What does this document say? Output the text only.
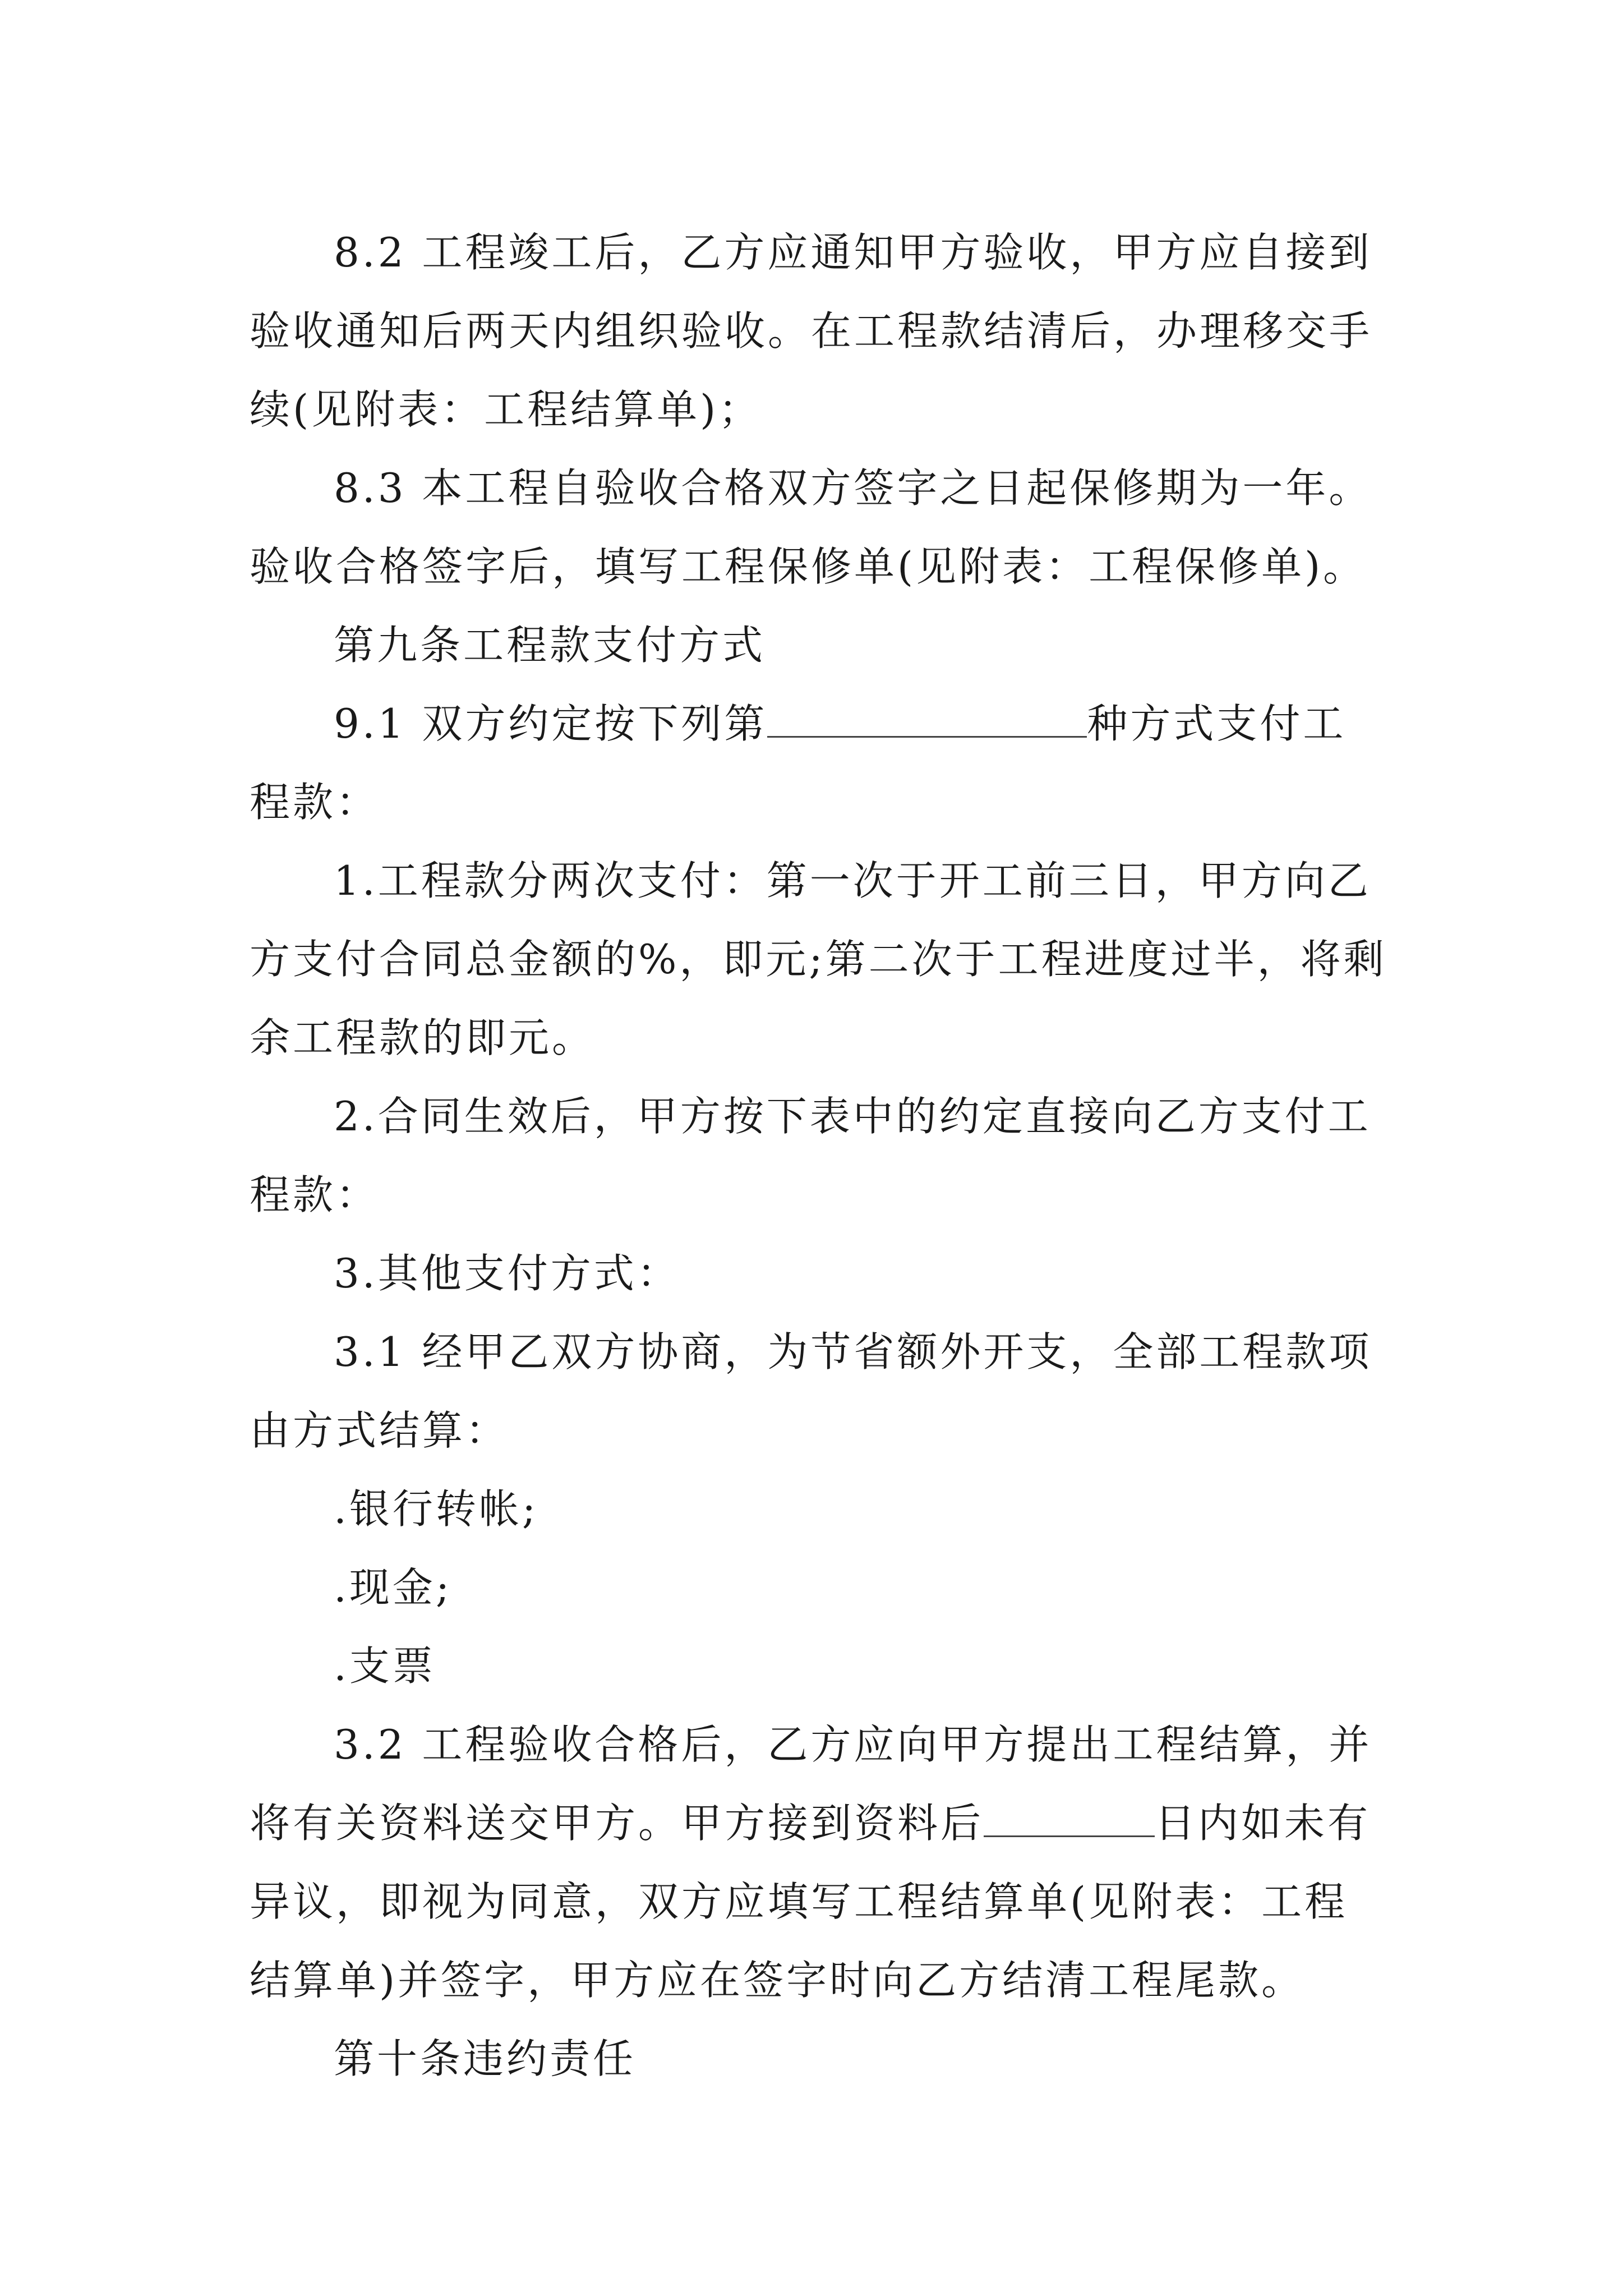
8.2 工程竣工后，乙方应通知甲方验收，甲方应自接到验收通知后两天内组织验收。在工程款结清后，办理移交手续(见附表：工程结算单)；

8.3 本工程自验收合格双方签字之日起保修期为一年。验收合格签字后，填写工程保修单(见附表：工程保修单)。

第九条工程款支付方式

9.1 双方约定按下列第	种方式支付工程款：

1.工程款分两次支付：第一次于开工前三日，甲方向乙方支付合同总金额的%，即元;第二次于工程进度过半，将剩余工程款的即元。

2.合同生效后，甲方按下表中的约定直接向乙方支付工程款：

3.其他支付方式：

3.1 经甲乙双方协商，为节省额外开支，全部工程款项由方式结算：

.银行转帐;

.现金;

.支票

3.2 工程验收合格后，乙方应向甲方提出工程结算，并将有关资料送交甲方。甲方接到资料后	日内如未有异议，即视为同意，双方应填写工程结算单(见附表：工程结算单)并签字，甲方应在签字时向乙方结清工程尾款。

第十条违约责任
